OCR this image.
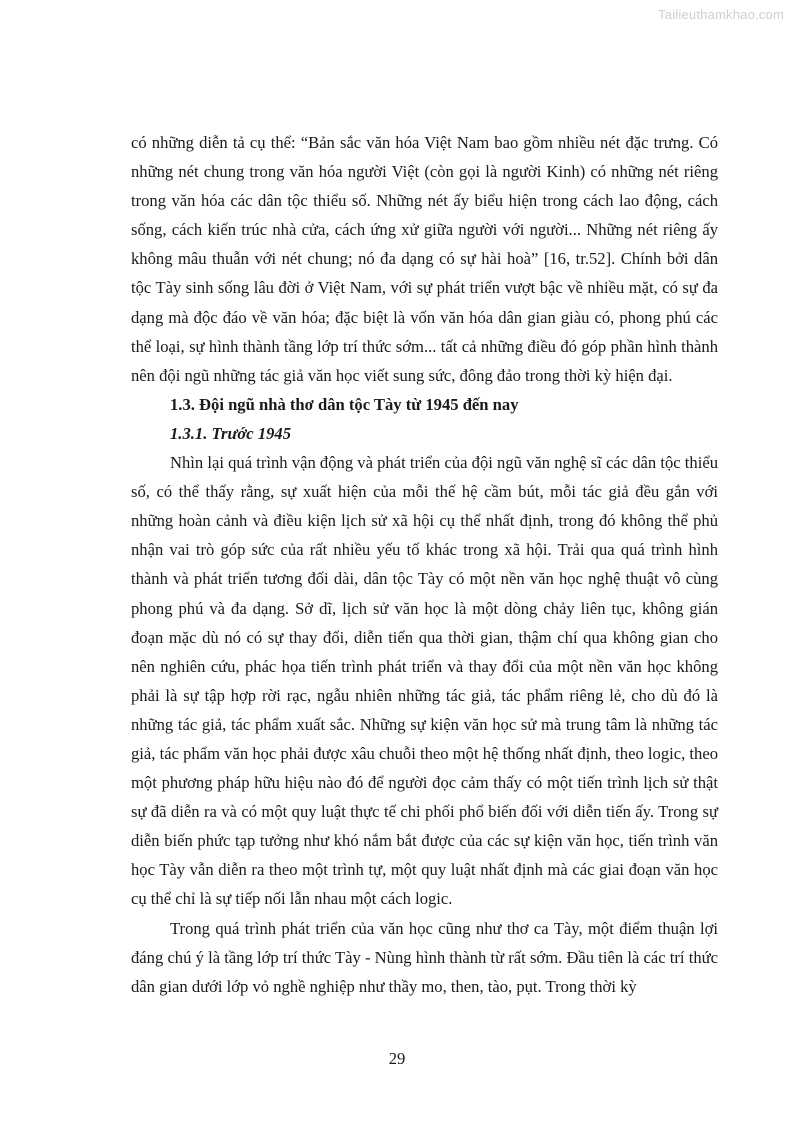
Tailieuthamkhao.com

có những diễn tả cụ thể: “Bản sắc văn hóa Việt Nam bao gồm nhiều nét đặc trưng. Có những nét chung trong văn hóa người Việt (còn gọi là người Kinh) có những nét riêng trong văn hóa các dân tộc thiểu số. Những nét ấy biểu hiện trong cách lao động, cách sống, cách kiến trúc nhà cửa, cách ứng xử giữa người với người... Những nét riêng ấy không mâu thuẫn với nét chung; nó đa dạng có sự hài hoà” [16, tr.52]. Chính bởi dân tộc Tày sinh sống lâu đời ở Việt Nam, với sự phát triển vượt bậc về nhiều mặt, có sự đa dạng mà độc đáo về văn hóa; đặc biệt là vốn văn hóa dân gian giàu có, phong phú các thể loại, sự hình thành tầng lớp trí thức sớm... tất cả những điều đó góp phần hình thành nên đội ngũ những tác giả văn học viết sung sức, đông đảo trong thời kỳ hiện đại.

1.3. Đội ngũ nhà thơ dân tộc Tày từ 1945 đến nay

1.3.1. Trước 1945

Nhìn lại quá trình vận động và phát triển của đội ngũ văn nghệ sĩ các dân tộc thiểu số, có thể thấy rằng, sự xuất hiện của mỗi thế hệ cầm bút, mỗi tác giả đều gắn với những hoàn cảnh và điều kiện lịch sử xã hội cụ thể nhất định, trong đó không thể phủ nhận vai trò góp sức của rất nhiều yếu tố khác trong xã hội. Trải qua quá trình hình thành và phát triển tương đối dài, dân tộc Tày có một nền văn học nghệ thuật vô cùng phong phú và đa dạng. Sở dĩ, lịch sử văn học là một dòng chảy liên tục, không gián đoạn mặc dù nó có sự thay đổi, diễn tiến qua thời gian, thậm chí qua không gian cho nên nghiên cứu, phác họa tiến trình phát triển và thay đổi của một nền văn học không phải là sự tập hợp rời rạc, ngẫu nhiên những tác giả, tác phẩm riêng lẻ, cho dù đó là những tác giả, tác phẩm xuất sắc. Những sự kiện văn học sử mà trung tâm là những tác giả, tác phẩm văn học phải được xâu chuỗi theo một hệ thống nhất định, theo logic, theo một phương pháp hữu hiệu nào đó để người đọc cảm thấy có một tiến trình lịch sử thật sự đã diễn ra và có một quy luật thực tế chi phối phổ biến đối với diễn tiến ấy. Trong sự diễn biến phức tạp tưởng như khó nắm bắt được của các sự kiện văn học, tiến trình văn học Tày vẫn diễn ra theo một trình tự, một quy luật nhất định mà các giai đoạn văn học cụ thể chỉ là sự tiếp nối lẫn nhau một cách logic.

Trong quá trình phát triển của văn học cũng như thơ ca Tày, một điểm thuận lợi đáng chú ý là tầng lớp trí thức Tày - Nùng hình thành từ rất sớm. Đầu tiên là các trí thức dân gian dưới lớp vỏ nghề nghiệp như thầy mo, then, tào, pụt. Trong thời kỳ

29
